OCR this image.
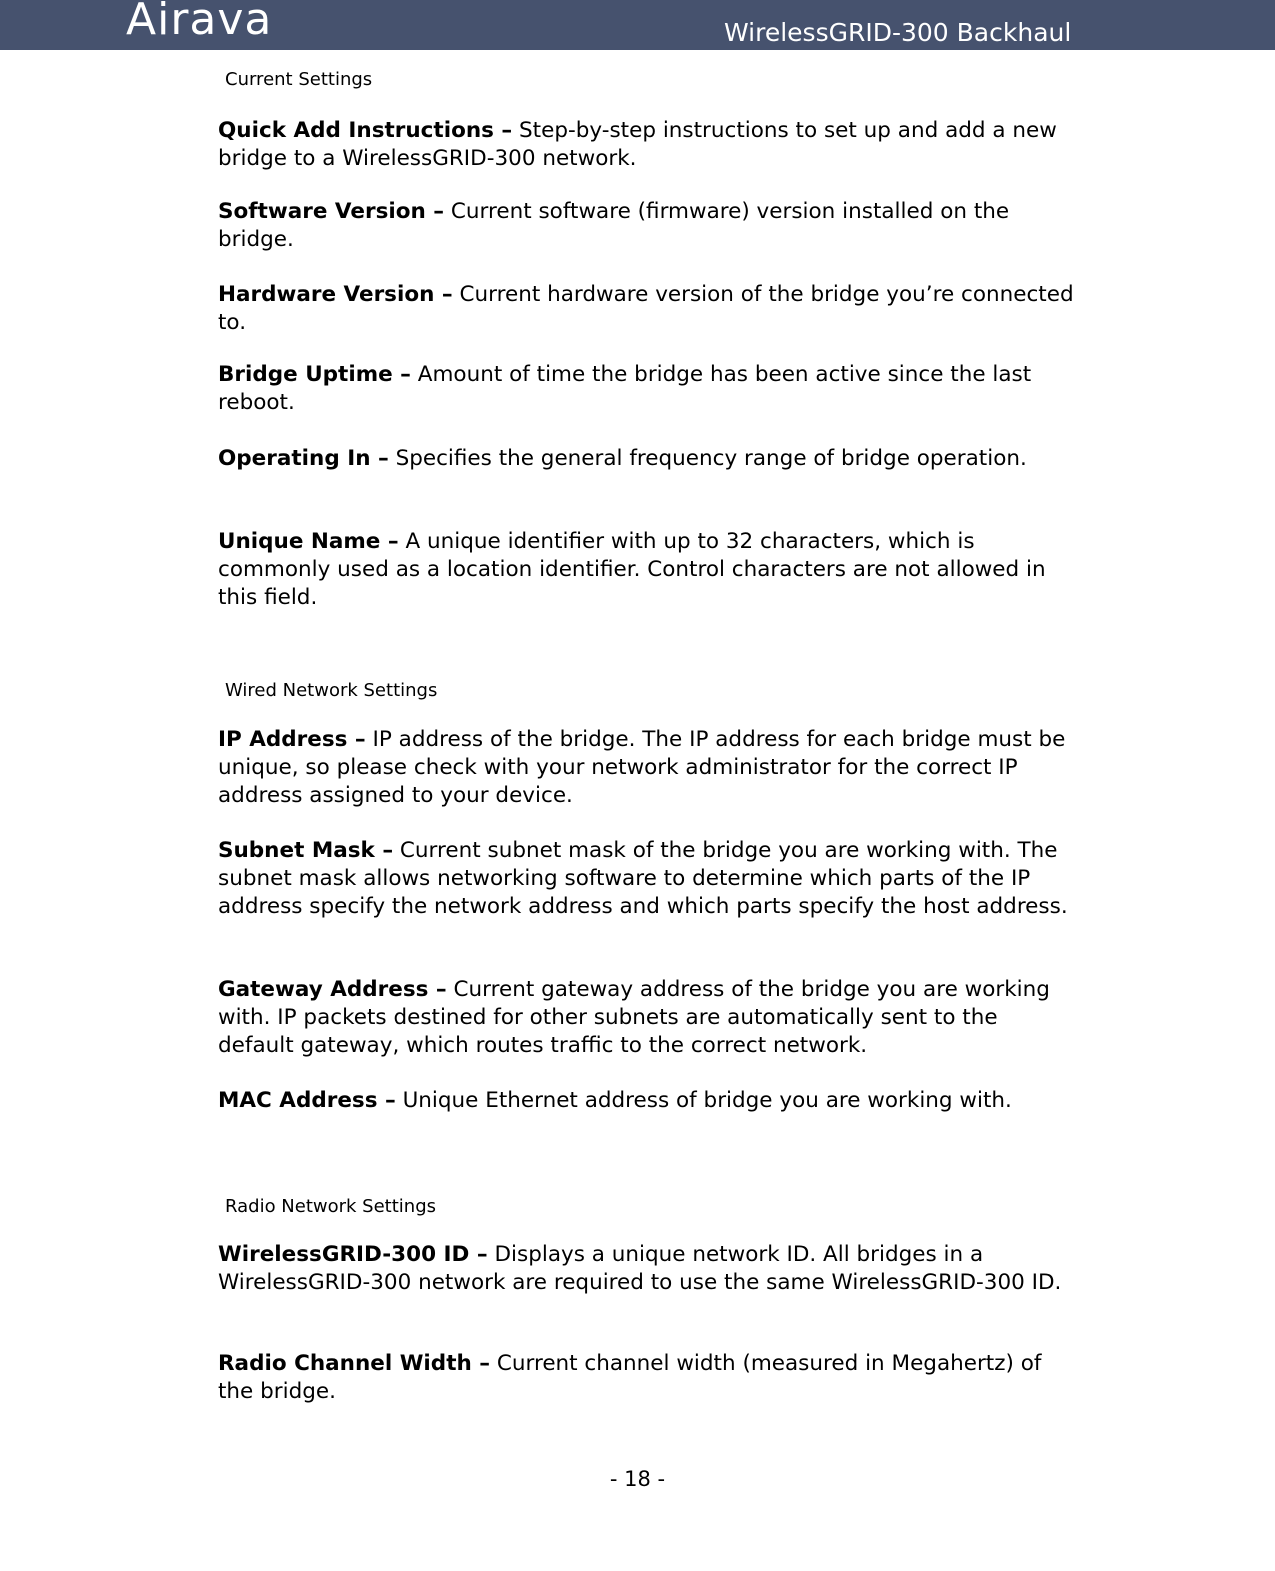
Airava	WirelessGRID-300 Backhaul
Current Settings
Quick Add Instructions – Step-by-step instructions to set up and add a new bridge to a WirelessGRID-300 network.
Software Version – Current software (firmware) version installed on the bridge.
Hardware Version – Current hardware version of the bridge you’re connected to.
Bridge Uptime – Amount of time the bridge has been active since the last reboot.
Operating In – Specifies the general frequency range of bridge operation.
Unique Name – A unique identifier with up to 32 characters, which is commonly used as a location identifier. Control characters are not allowed in this field.
Wired Network Settings
IP Address – IP address of the bridge. The IP address for each bridge must be unique, so please check with your network administrator for the correct IP address assigned to your device.
Subnet Mask – Current subnet mask of the bridge you are working with. The subnet mask allows networking software to determine which parts of the IP address specify the network address and which parts specify the host address.
Gateway Address – Current gateway address of the bridge you are working with. IP packets destined for other subnets are automatically sent to the default gateway, which routes traffic to the correct network.
MAC Address – Unique Ethernet address of bridge you are working with.
Radio Network Settings
WirelessGRID-300 ID – Displays a unique network ID. All bridges in a WirelessGRID-300 network are required to use the same WirelessGRID-300 ID.
Radio Channel Width – Current channel width (measured in Megahertz) of the bridge.
- 18 -
